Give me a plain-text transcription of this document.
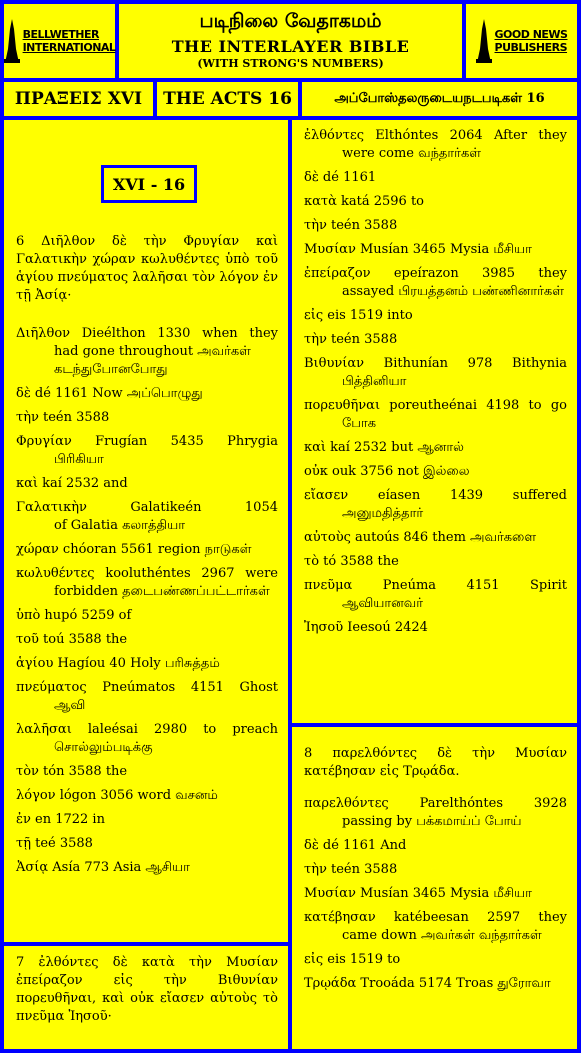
BELLWETHER
INTERNATIONAL
படிநிலை வேதாகமம்
THE INTERLAYER BIBLE
(WITH STRONG'S NUMBERS)
GOOD NEWS
PUBLISHERS
ΠΡΑΞΕΙΣ XVI THE ACTS 16	அப்போஸ்தலருடையநடபடிகள் 16
XVI - 16
6 Διῆλθον δὲ τὴν Φρυγίαν καὶ Γαλατικὴν χώραν κωλυθέντες ὑπὸ τοῦ ἁγίου πνεύματος λαλῆσαι τὸν λόγον ἐν τῇ Ἀσίᾳ·
Διῆλθον Dieélthon 1330 when they
had gone throughout அவர்கள் கடந்துபோனபோது
δὲ dé 1161 Now அப்பொழுது
τὴν teén 3588
Φρυγίαν Frugían 5435 Phrygia
பிரிகியா
καὶ kaí 2532 and
Γαλατικὴν Galatikeén 1054
of Galatia கலாத்தியா
χώραν chóoran 5561 region நாடுகள்
κωλυθέντες kooluthéntes 2967 were
forbidden தடைபண்ணப்பட்டார்கள்
ὑπὸ hupó 5259 of
τοῦ toú 3588 the
ἁγίου Hagíou 40 Holy பரிசுத்தம்
πνεύματος Pneúmatos 4151 Ghost
ஆவி
λαλῆσαι laleésai 2980 to preach
சொல்லும்படிக்கு
τὸν tón 3588 the
λόγον lógon 3056 word வசனம்
ἐν en 1722 in
τῇ teé 3588
Ἀσίᾳ Asía 773 Asia ஆசியா
7 ἐλθόντες δὲ κατὰ τὴν Μυσίαν ἐπείραζον εἰς τὴν Βιθυνίαν πορευθῆναι, καὶ οὐκ εἴασεν αὐτοὺς τὸ πνεῦμα Ἰησοῦ·
ἐλθόντες Elthóntes 2064 After they
were come வந்தார்கள்
δὲ dé 1161
κατὰ katá 2596 to
τὴν teén 3588
Μυσίαν Musían 3465 Mysia மீசியா
ἐπείραζον epeírazon 3985 they
assayed பிரயத்தனம் பண்ணினார்கள்
εἰς eis 1519 into
τὴν teén 3588
Βιθυνίαν Bithunían 978 Bithynia
பித்தினியா
πορευθῆναι poreutheénai 4198 to go
போக
καὶ kaí 2532 but ஆனால்
οὐκ ouk 3756 not இல்லை
εἴασεν eíasen 1439 suffered
அனுமதித்தார்
αὐτοὺς autoús 846 them அவர்களை
τὸ tó 3588 the
πνεῦμα Pneúma 4151 Spirit
ஆவியானவர்
Ἰησοῦ Ieesoú 2424
8 παρελθόντες δὲ τὴν Μυσίαν κατέβησαν εἰς Τρῳάδα.
παρελθόντες Parelthóntes 3928
passing by பக்கமாய்ப் போய்
δὲ dé 1161 And
τὴν teén 3588
Μυσίαν Musían 3465 Mysia மீசியா
κατέβησαν katébeesan 2597 they
came down அவர்கள் வந்தார்கள்
εἰς eis 1519 to
Τρῳάδα Trooáda 5174 Troas துரோவா
